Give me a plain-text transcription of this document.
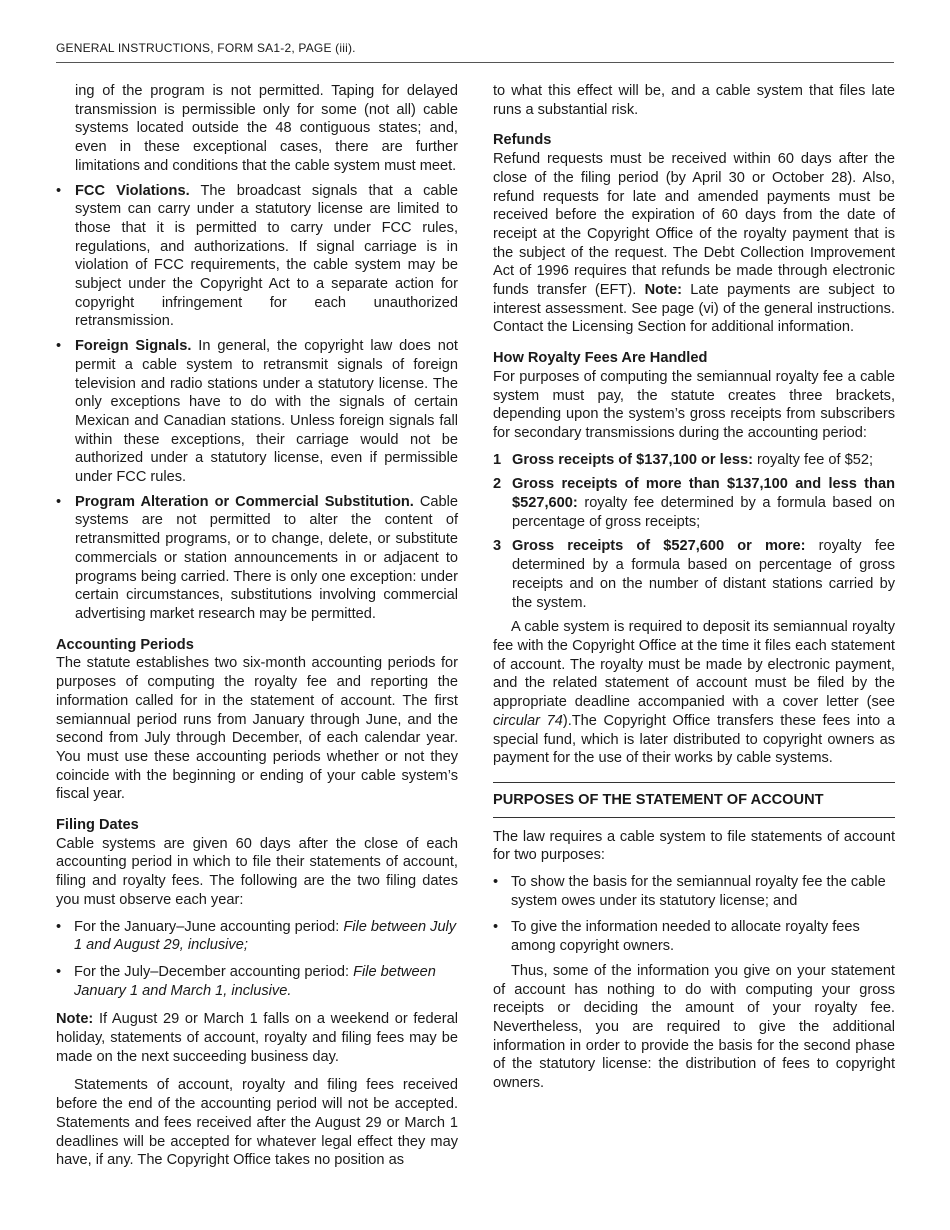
GENERAL INSTRUCTIONS, FORM SA1-2, PAGE (iii).

ing of the program is not permitted. Taping for delayed transmission is permissible only for some (not all) cable systems located outside the 48 contiguous states; and, even in these exceptional cases, there are further limitations and conditions that the cable system must meet.

• FCC Violations. The broadcast signals that a cable system can carry under a statutory license are limited to those that it is permitted to carry under FCC rules, regulations, and authorizations. If signal carriage is in violation of FCC requirements, the cable system may be subject under the Copyright Act to a separate action for copyright infringement for each unauthorized retransmission.
• Foreign Signals. In general, the copyright law does not permit a cable system to retransmit signals of foreign television and radio stations under a statutory license. The only exceptions have to do with the signals of certain Mexican and Canadian stations. Unless foreign signals fall within these exceptions, their carriage would not be authorized under a statutory license, even if permissible under FCC rules.
• Program Alteration or Commercial Substitution. Cable systems are not permitted to alter the content of retransmitted programs, or to change, delete, or substitute commercials or station announcements in or adjacent to programs being carried. There is only one exception: under certain circumstances, substitutions involving commercial advertising market research may be permitted.
Accounting Periods

The statute establishes two six-month accounting periods for purposes of computing the royalty fee and reporting the information called for in the statement of account. The first semiannual period runs from January through June, and the second from July through December, of each calendar year. You must use these accounting periods whether or not they coincide with the beginning or ending of your cable system’s fiscal year.

Filing Dates

Cable systems are given 60 days after the close of each accounting period in which to file their statements of account, filing and royalty fees. The following are the two filing dates you must observe each year:

• For the January–June accounting period: File between July 1 and August 29, inclusive;
• For the July–December accounting period: File between January 1 and March 1, inclusive.

Note: If August 29 or March 1 falls on a weekend or federal holiday, statements of account, royalty and filing fees may be made on the next succeeding business day.

Statements of account, royalty and filing fees received before the end of the accounting period will not be accepted. Statements and fees received after the August 29 or March 1 deadlines will be accepted for whatever legal effect they may have, if any. The Copyright Office takes no position as

to what this effect will be, and a cable system that files late runs a substantial risk.

Refunds

Refund requests must be received within 60 days after the close of the filing period (by April 30 or October 28). Also, refund requests for late and amended payments must be received before the expiration of 60 days from the date of receipt at the Copyright Office of the royalty payment that is the subject of the request. The Debt Collection Improvement Act of 1996 requires that refunds be made through electronic funds transfer (EFT). Note: Late payments are subject to interest assessment. See page (vi) of the general instructions. Contact the Licensing Section for additional information.

How Royalty Fees Are Handled

For purposes of computing the semiannual royalty fee a cable system must pay, the statute creates three brackets, depending upon the system’s gross receipts from subscribers for secondary transmissions during the accounting period:

1 Gross receipts of $137,100 or less: royalty fee of $52;
2 Gross receipts of more than $137,100 and less than $527,600: royalty fee determined by a formula based on percentage of gross receipts;
3 Gross receipts of $527,600 or more: royalty fee determined by a formula based on percentage of gross receipts and on the number of distant stations carried by the system.

A cable system is required to deposit its semiannual royalty fee with the Copyright Office at the time it files each statement of account. The royalty must be made by electronic payment, and the related statement of account must be filed by the appropriate deadline accompanied with a cover letter (see circular 74).The Copyright Office transfers these fees into a special fund, which is later distributed to copyright owners as payment for the use of their works by cable systems.

PURPOSES OF THE STATEMENT OF ACCOUNT

The law requires a cable system to file statements of account for two purposes:

• To show the basis for the semiannual royalty fee the cable system owes under its statutory license; and
• To give the information needed to allocate royalty fees among copyright owners.

Thus, some of the information you give on your statement of account has nothing to do with computing your gross receipts or deciding the amount of your royalty fee. Nevertheless, you are required to give the additional information in order to provide the basis for the second phase of the statutory license: the distribution of fees to copyright owners.
